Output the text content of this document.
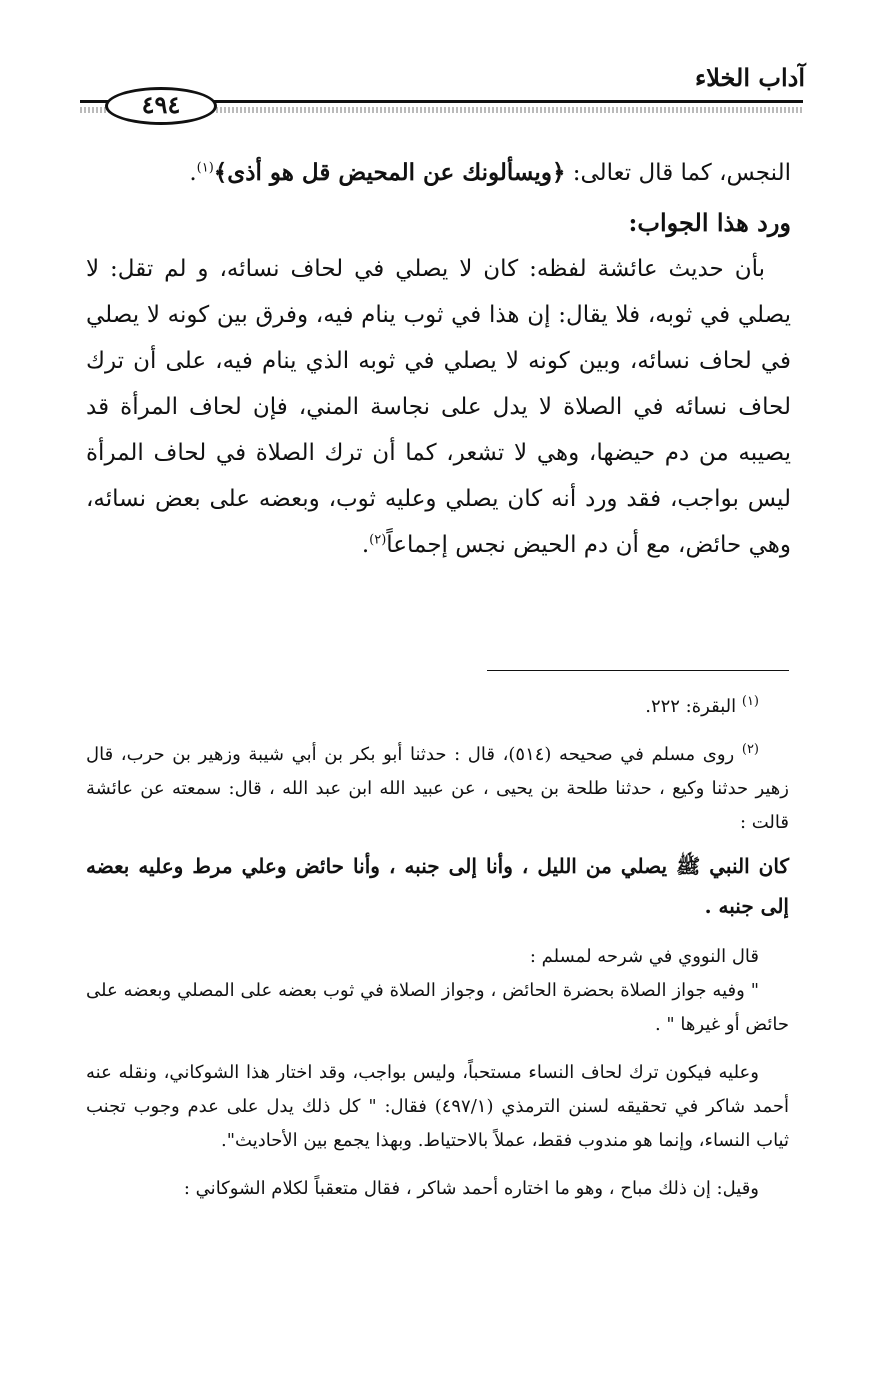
آداب الخلاء
٤٩٤

النجس، كما قال تعالى: ﴿ويسألونك عن المحيض قل هو أذى﴾$^{(١)}$.

ورد هذا الجواب:

بأن حديث عائشة لفظه: كان لا يصلي في لحاف نسائه، و لم تقل: لا يصلي في ثوبه، فلا يقال: إن هذا في ثوب ينام فيه، وفرق بين كونه لا يصلي في لحاف نسائه، وبين كونه لا يصلي في ثوبه الذي ينام فيه، على أن ترك لحاف نسائه في الصلاة لا يدل على نجاسة المني، فإن لحاف المرأة قد يصيبه من دم حيضها، وهي لا تشعر، كما أن ترك الصلاة في لحاف المرأة ليس بواجب، فقد ورد أنه كان يصلي وعليه ثوب، وبعضه على بعض نسائه، وهي حائض، مع أن دم الحيض نجس إجماعاً$^{(٢)}$.

$^{(١)}$ البقرة: ٢٢٢.

$^{(٢)}$ روى مسلم في صحيحه (٥١٤)، قال : حدثنا أبو بكر بن أبي شيبة وزهير بن حرب، قال زهير حدثنا وكيع ، حدثنا طلحة بن يحيى ، عن عبيد الله ابن عبد الله ، قال: سمعته عن عائشة قالت :

كان النبي ﷺ يصلي من الليل ، وأنا إلى جنبه ، وأنا حائض وعلي مرط وعليه بعضه إلى جنبه .

قال النووي في شرحه لمسلم :

" وفيه جواز الصلاة بحضرة الحائض ، وجواز الصلاة في ثوب بعضه على المصلي وبعضه على حائض أو غيرها " .

وعليه فيكون ترك لحاف النساء مستحباً، وليس بواجب، وقد اختار هذا الشوكاني، ونقله عنه أحمد شاكر في تحقيقه لسنن الترمذي (٤٩٧/١) فقال: " كل ذلك يدل على عدم وجوب تجنب ثياب النساء، وإنما هو مندوب فقط، عملاً بالاحتياط. وبهذا يجمع بين الأحاديث".

وقيل: إن ذلك مباح ، وهو ما اختاره أحمد شاكر ، فقال متعقباً لكلام الشوكاني :
